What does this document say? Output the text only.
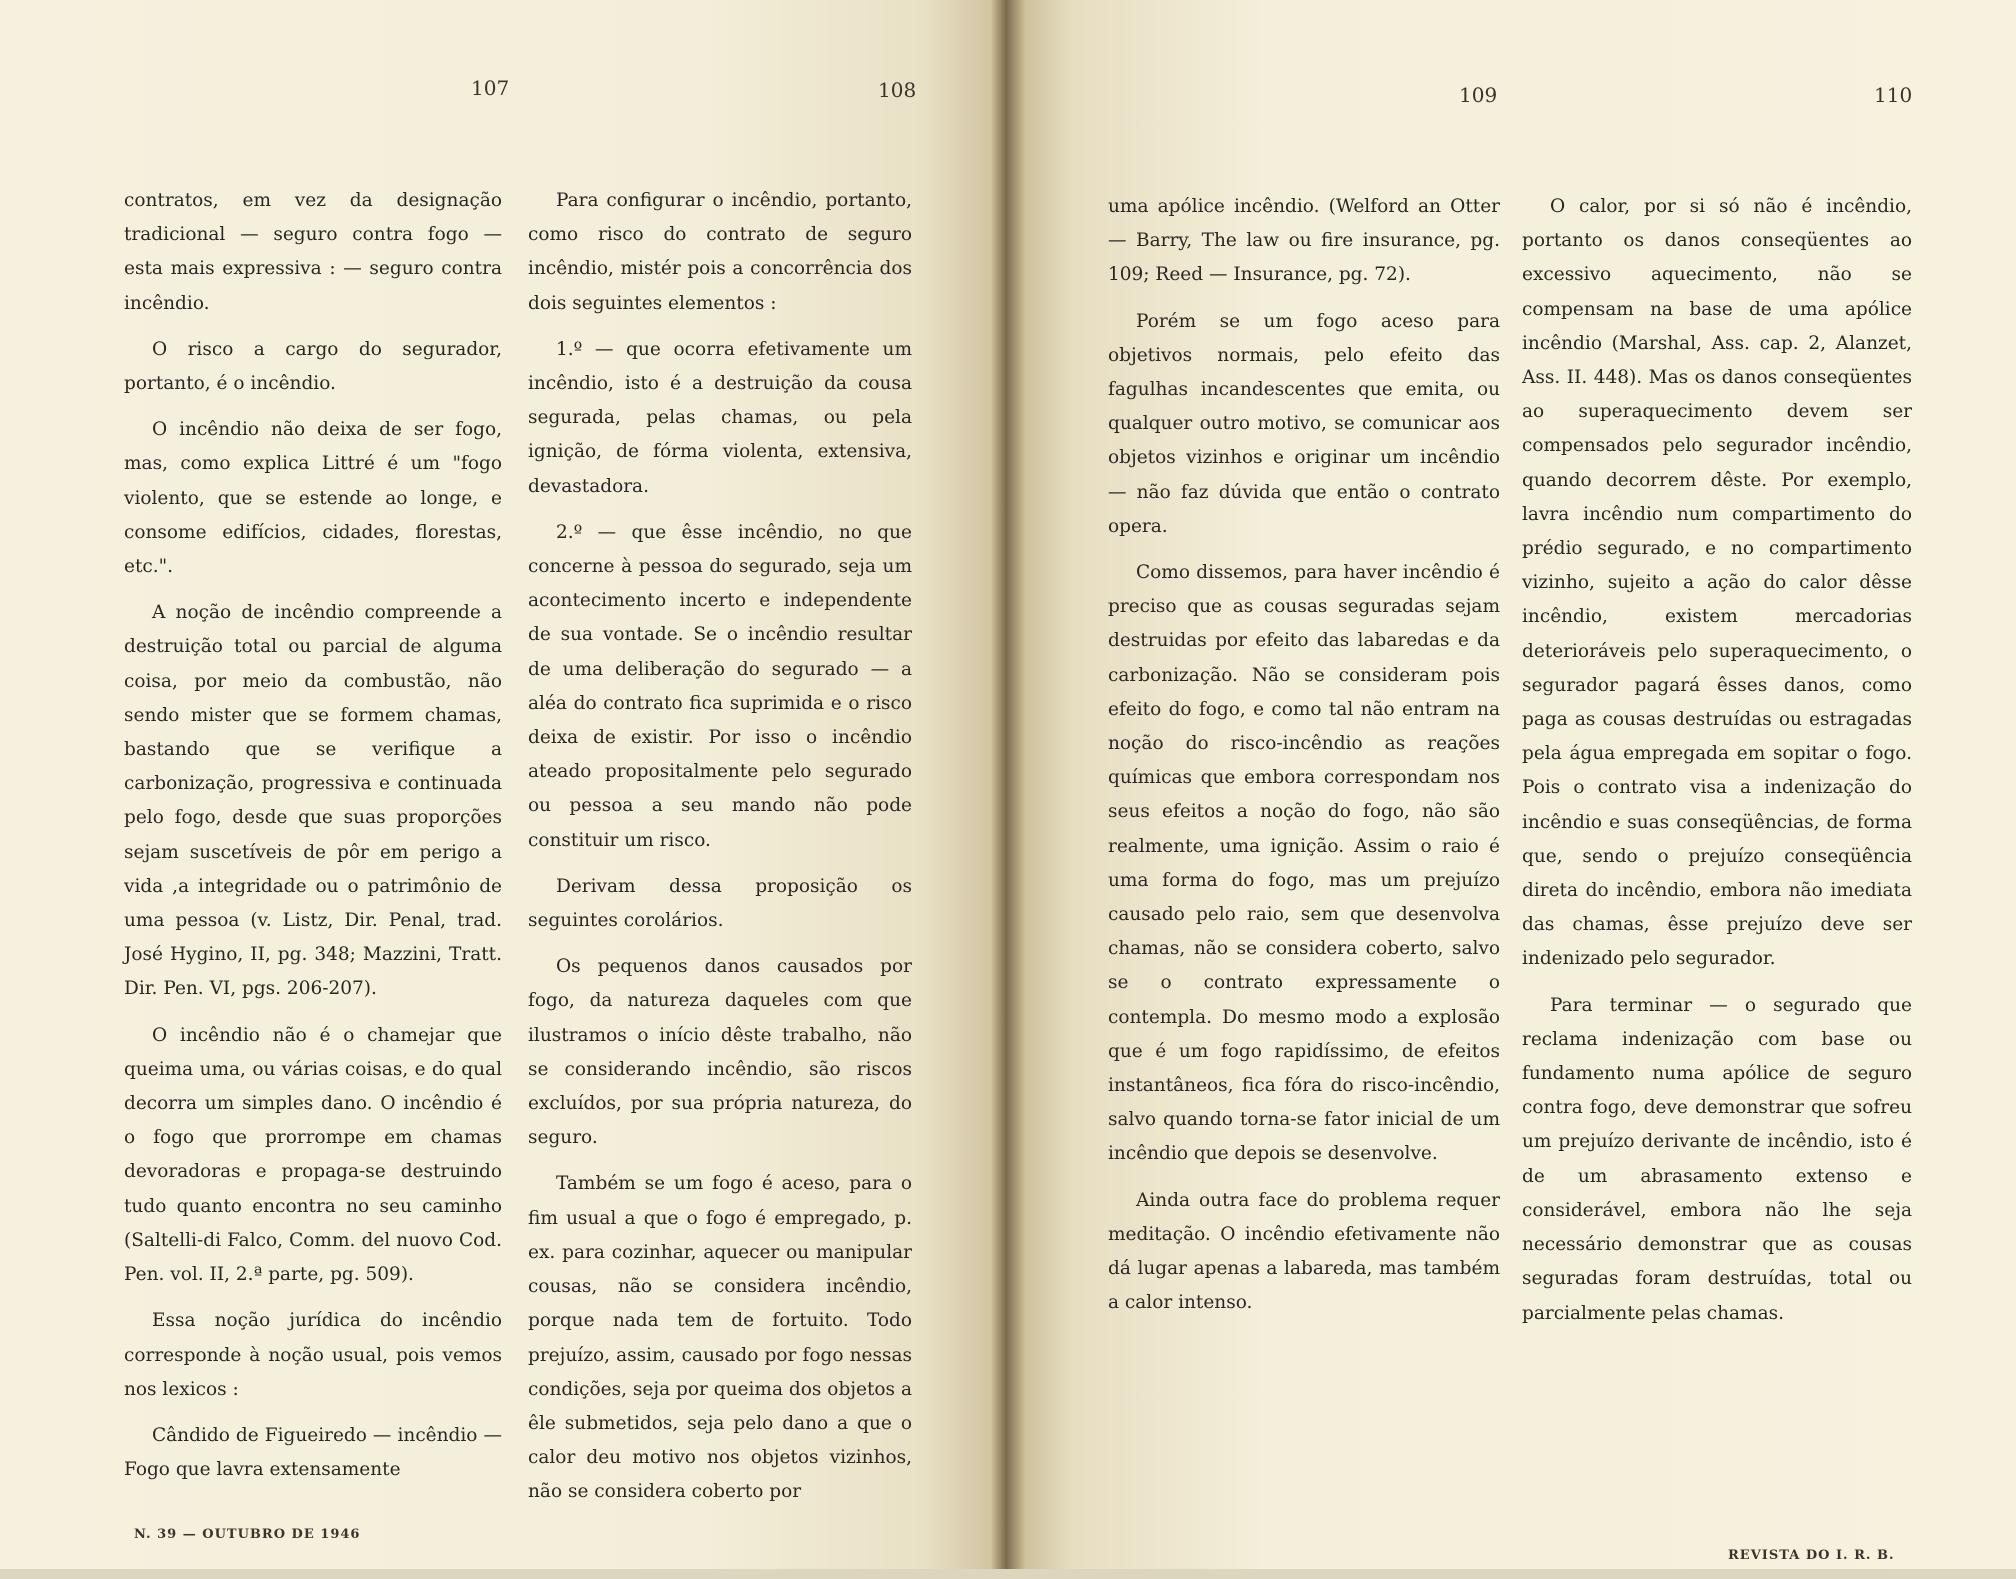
107	108	109	110

contratos, em vez da designação tradicional — seguro contra fogo — esta mais expressiva : — seguro contra incêndio.

O risco a cargo do segurador, portanto, é o incêndio.

O incêndio não deixa de ser fogo, mas, como explica Littré é um "fogo violento, que se estende ao longe, e consome edifícios, cidades, florestas, etc.".

A noção de incêndio compreende a destruição total ou parcial de alguma coisa, por meio da combustão, não sendo mister que se formem chamas, bastando que se verifique a carbonização, progressiva e continuada pelo fogo, desde que suas proporções sejam suscetíveis de pôr em perigo a vida ,a integridade ou o patrimônio de uma pessoa (v. Listz, Dir. Penal, trad. José Hygino, II, pg. 348; Mazzini, Tratt. Dir. Pen. VI, pgs. 206-207).

O incêndio não é o chamejar que queima uma, ou várias coisas, e do qual decorra um simples dano. O incêndio é o fogo que prorrompe em chamas devoradoras e propaga-se destruindo tudo quanto encontra no seu caminho (Saltelli-di Falco, Comm. del nuovo Cod. Pen. vol. II, 2.ª parte, pg. 509).

Essa noção jurídica do incêndio corresponde à noção usual, pois vemos nos lexicos :

Cândido de Figueiredo — incêndio — Fogo que lavra extensamente

Para configurar o incêndio, portanto, como risco do contrato de seguro incêndio, mistér pois a concorrência dos dois seguintes elementos :

1.º — que ocorra efetivamente um incêndio, isto é a destruição da cousa segurada, pelas chamas, ou pela ignição, de fórma violenta, extensiva, devastadora.

2.º — que êsse incêndio, no que concerne à pessoa do segurado, seja um acontecimento incerto e independente de sua vontade. Se o incêndio resultar de uma deliberação do segurado — a aléa do contrato fica suprimida e o risco deixa de existir. Por isso o incêndio ateado propositalmente pelo segurado ou pessoa a seu mando não pode constituir um risco.

Derivam dessa proposição os seguintes corolários.

Os pequenos danos causados por fogo, da natureza daqueles com que ilustramos o início dêste trabalho, não se considerando incêndio, são riscos excluídos, por sua própria natureza, do seguro.

Também se um fogo é aceso, para o fim usual a que o fogo é empregado, p. ex. para cozinhar, aquecer ou manipular cousas, não se considera incêndio, porque nada tem de fortuito. Todo prejuízo, assim, causado por fogo nessas condições, seja por queima dos objetos a êle submetidos, seja pelo dano a que o calor deu motivo nos objetos vizinhos, não se considera coberto por

uma apólice incêndio. (Welford an Otter — Barry, The law ou fire insurance, pg. 109; Reed — Insurance, pg. 72).

Porém se um fogo aceso para objetivos normais, pelo efeito das fagulhas incandescentes que emita, ou qualquer outro motivo, se comunicar aos objetos vizinhos e originar um incêndio — não faz dúvida que então o contrato opera.

Como dissemos, para haver incêndio é preciso que as cousas seguradas sejam destruidas por efeito das labaredas e da carbonização. Não se consideram pois efeito do fogo, e como tal não entram na noção do risco-incêndio as reações químicas que embora correspondam nos seus efeitos a noção do fogo, não são realmente, uma ignição. Assim o raio é uma forma do fogo, mas um prejuízo causado pelo raio, sem que desenvolva chamas, não se considera coberto, salvo se o contrato expressamente o contempla. Do mesmo modo a explosão que é um fogo rapidíssimo, de efeitos instantâneos, fica fóra do risco-incêndio, salvo quando torna-se fator inicial de um incêndio que depois se desenvolve.

Ainda outra face do problema requer meditação. O incêndio efetivamente não dá lugar apenas a labareda, mas também a calor intenso.

O calor, por si só não é incêndio, portanto os danos conseqüentes ao excessivo aquecimento, não se compensam na base de uma apólice incêndio (Marshal, Ass. cap. 2, Alanzet, Ass. II. 448). Mas os danos conseqüentes ao superaquecimento devem ser compensados pelo segurador incêndio, quando decorrem dêste. Por exemplo, lavra incêndio num compartimento do prédio segurado, e no compartimento vizinho, sujeito a ação do calor dêsse incêndio, existem mercadorias deterioráveis pelo superaquecimento, o segurador pagará êsses danos, como paga as cousas destruídas ou estragadas pela água empregada em sopitar o fogo. Pois o contrato visa a indenização do incêndio e suas conseqüências, de forma que, sendo o prejuízo conseqüência direta do incêndio, embora não imediata das chamas, êsse prejuízo deve ser indenizado pelo segurador.

Para terminar — o segurado que reclama indenização com base ou fundamento numa apólice de seguro contra fogo, deve demonstrar que sofreu um prejuízo derivante de incêndio, isto é de um abrasamento extenso e considerável, embora não lhe seja necessário demonstrar que as cousas seguradas foram destruídas, total ou parcialmente pelas chamas.

N. 39 — OUTUBRO DE 1946
REVISTA DO I. R. B.
